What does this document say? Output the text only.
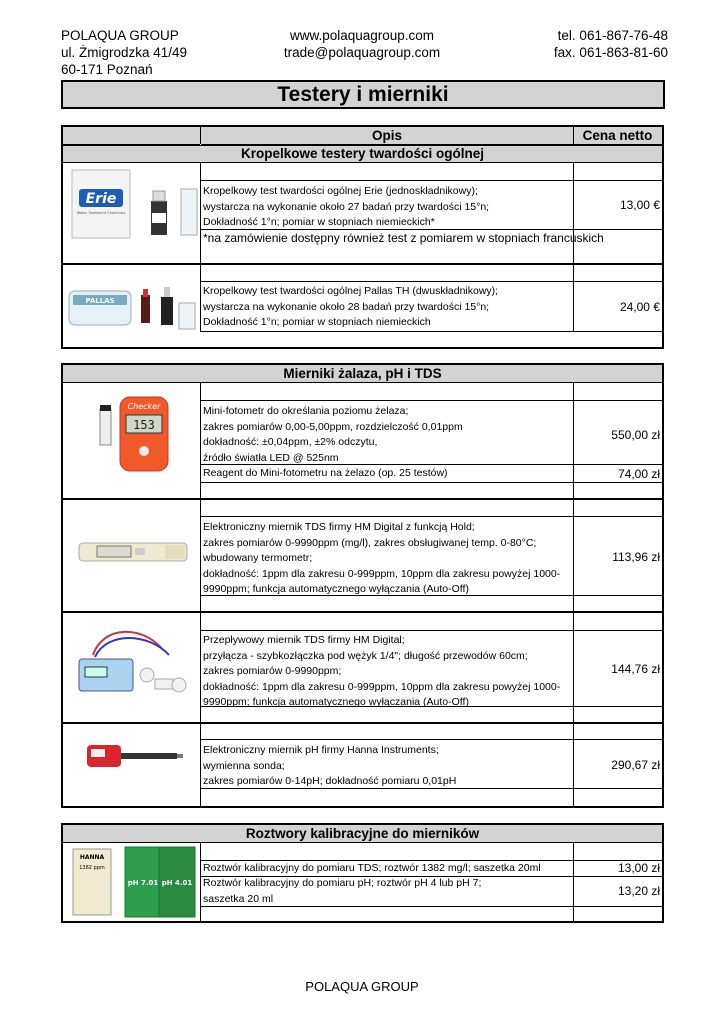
POLAQUA GROUP
ul. Żmigrodzka 41/49
60-171 Poznań
www.polaquagroup.com
trade@polaquagroup.com
tel. 061-867-76-48
fax. 061-863-81-60
Testery i mierniki
Opis	Cena netto
Kropelkowe testery twardości ogólnej
Erie
Water Treatment Chemicals
Kropelkowy test twardości ogólnej Erie (jednoskładnikowy);
wystarcza na wykonanie około 27 badań przy twardości 15°n;
Dokładność 1°n; pomiar w stopniach niemieckich*
13,00 €
*na zamówienie dostępny również test z pomiarem w stopniach francuskich
PALLAS
Kropelkowy test twardości ogólnej Pallas TH (dwuskładnikowy);
wystarcza na wykonanie około 28 badań przy twardości 15°n;
Dokładność 1°n; pomiar w stopniach niemieckich
24,00 €
Mierniki żalaza, pH i TDS
Checker
153
Mini-fotometr do określania poziomu żelaza;
zakres pomiarów 0,00-5,00ppm, rozdzielczość 0,01ppm
dokładność: ±0,04ppm, ±2% odczytu,
źródło światła LED @ 525nm
550,00 zł
Reagent do Mini-fotometru na żelazo (op. 25 testów)	74,00 zł
Elektroniczny miernik TDS firmy HM Digital z funkcją Hold;
zakres pomiarów 0-9990ppm (mg/l), zakres obsługiwanej temp. 0-80°C;
wbudowany termometr;
dokładność: 1ppm dla zakresu 0-999ppm, 10ppm dla zakresu powyżej 1000-
9990ppm; funkcja automatycznego wyłączania (Auto-Off)
113,96 zł
Przepływowy miernik TDS firmy HM Digital;
przyłącza - szybkozłączka pod wężyk 1/4"; długość przewodów 60cm;
zakres pomiarów 0-9990ppm;
dokładność: 1ppm dla zakresu 0-999ppm, 10ppm dla zakresu powyżej 1000-
9990ppm; funkcja automatycznego wyłączania (Auto-Off)
144,76 zł
Elektroniczny miernik pH firmy Hanna Instruments;
wymienna sonda;
zakres pomiarów 0-14pH; dokładność pomiaru 0,01pH
290,67 zł
Roztwory kalibracyjne do mierników
HANNA
1382 ppm
pH 7.01 pH 4.01
Roztwór kalibracyjny do pomiaru TDS; roztwór 1382 mg/l; saszetka 20ml	13,00 zł
Roztwór kalibracyjny do pomiaru pH; roztwór pH 4 lub pH 7;
saszetka 20 ml
13,20 zł
POLAQUA GROUP
